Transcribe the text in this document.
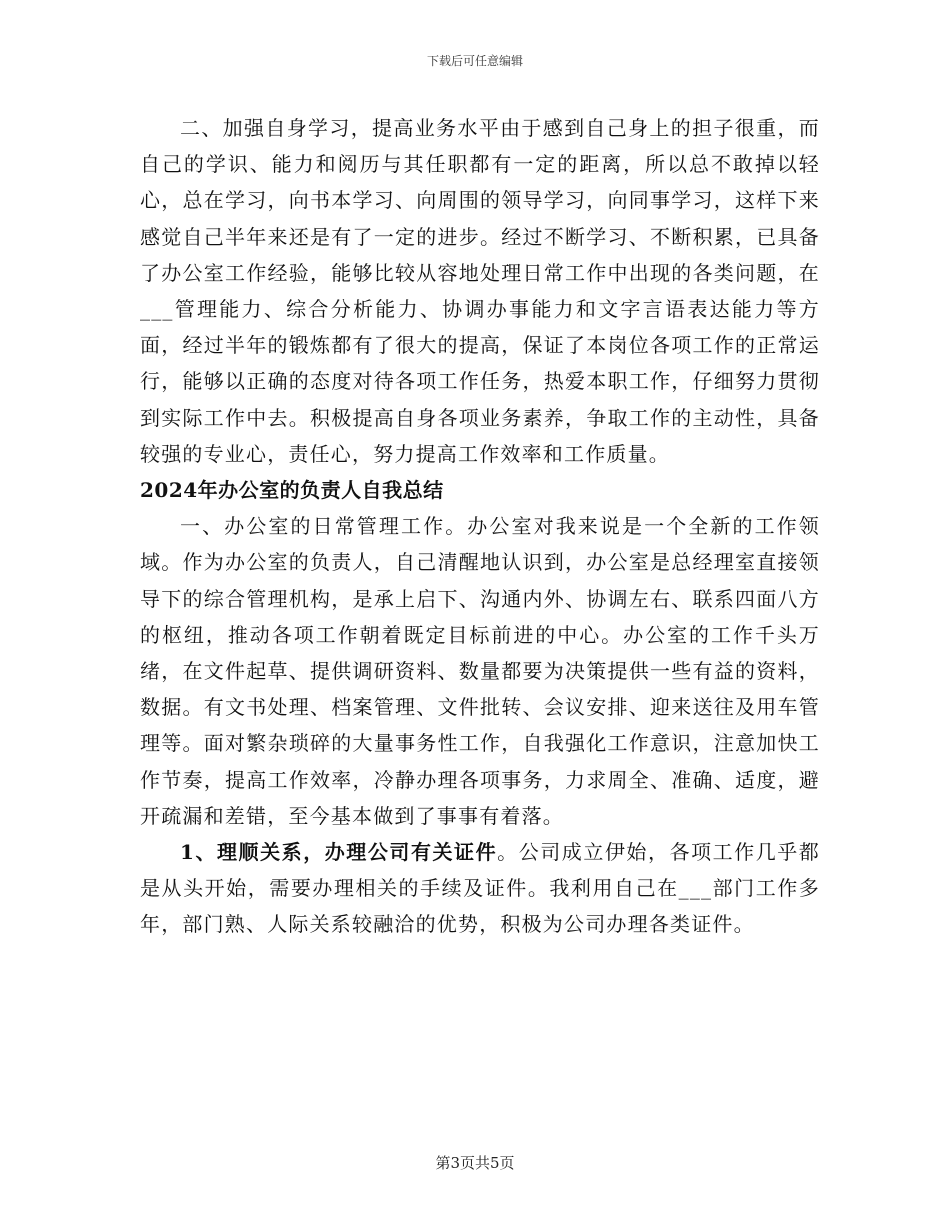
下载后可任意编辑

二、加强自身学习，提高业务水平由于感到自己身上的担子很重，而自己的学识、能力和阅历与其任职都有一定的距离，所以总不敢掉以轻心，总在学习，向书本学习、向周围的领导学习，向同事学习，这样下来感觉自己半年来还是有了一定的进步。经过不断学习、不断积累，已具备了办公室工作经验，能够比较从容地处理日常工作中出现的各类问题，在___管理能力、综合分析能力、协调办事能力和文字言语表达能力等方面，经过半年的锻炼都有了很大的提高，保证了本岗位各项工作的正常运行，能够以正确的态度对待各项工作任务，热爱本职工作，仔细努力贯彻到实际工作中去。积极提高自身各项业务素养，争取工作的主动性，具备较强的专业心，责任心，努力提高工作效率和工作质量。

2024年办公室的负责人自我总结

一、办公室的日常管理工作。办公室对我来说是一个全新的工作领域。作为办公室的负责人，自己清醒地认识到，办公室是总经理室直接领导下的综合管理机构，是承上启下、沟通内外、协调左右、联系四面八方的枢纽，推动各项工作朝着既定目标前进的中心。办公室的工作千头万绪，在文件起草、提供调研资料、数量都要为决策提供一些有益的资料，数据。有文书处理、档案管理、文件批转、会议安排、迎来送往及用车管理等。面对繁杂琐碎的大量事务性工作，自我强化工作意识，注意加快工作节奏，提高工作效率，冷静办理各项事务，力求周全、准确、适度，避开疏漏和差错，至今基本做到了事事有着落。

1、理顺关系，办理公司有关证件。公司成立伊始，各项工作几乎都是从头开始，需要办理相关的手续及证件。我利用自己在___部门工作多年，部门熟、人际关系较融洽的优势，积极为公司办理各类证件。

第3页共5页
